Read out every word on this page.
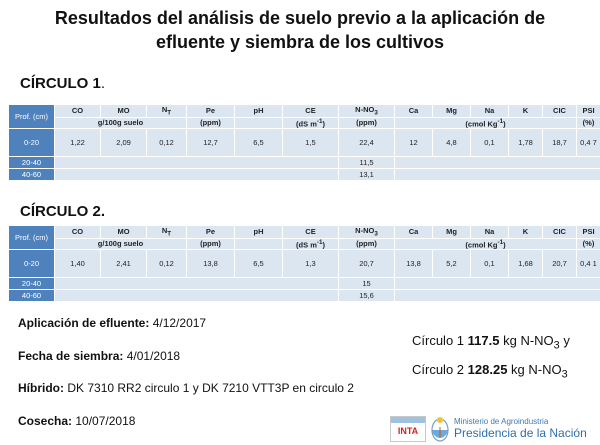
Resultados del análisis de suelo previo a la aplicación de
efluente y siembra de los cultivos
CÍRCULO 1.
Prof. (cm)	CO	MO	$N_T$	Pe	pH	CE	$N-NO_3$	Ca	Mg	Na	K	CIC	PSI
	g/100g suelo			(ppm)		(dS $m^{-1}$)	(ppm)	(cmol $Kg^{-1}$)					(%)
0-20	1,22	2,09	0,12	12,7	6,5	1,5	22,4	12	4,8	0,1	1,78	18,7	0,4 7
20-40							11,5						
40-60							13,1						
CÍRCULO 2.
Prof. (cm)	CO	MO	$N_T$	Pe	pH	CE	$N-NO_3$	Ca	Mg	Na	K	CIC	PSI
	g/100g suelo			(ppm)		(dS $m^{-1}$)	(ppm)	(cmol $Kg^{-1}$)					(%)
0-20	1,40	2,41	0,12	13,8	6,5	1,3	20,7	13,8	5,2	0,1	1,68	20,7	0,4 1
20-40							15						
40-60							15,6						
Aplicación de efluente: 4/12/2017
Fecha de siembra: 4/01/2018
Híbrido: DK 7310 RR2 circulo 1 y DK 7210 VTT3P en circulo 2
Cosecha: 10/07/2018
Círculo 1 117.5 kg $N-NO_3$ y
Círculo 2 128.25 kg $N-NO_3$
INTA
Ministerio de Agroindustria
Presidencia de la Nación
